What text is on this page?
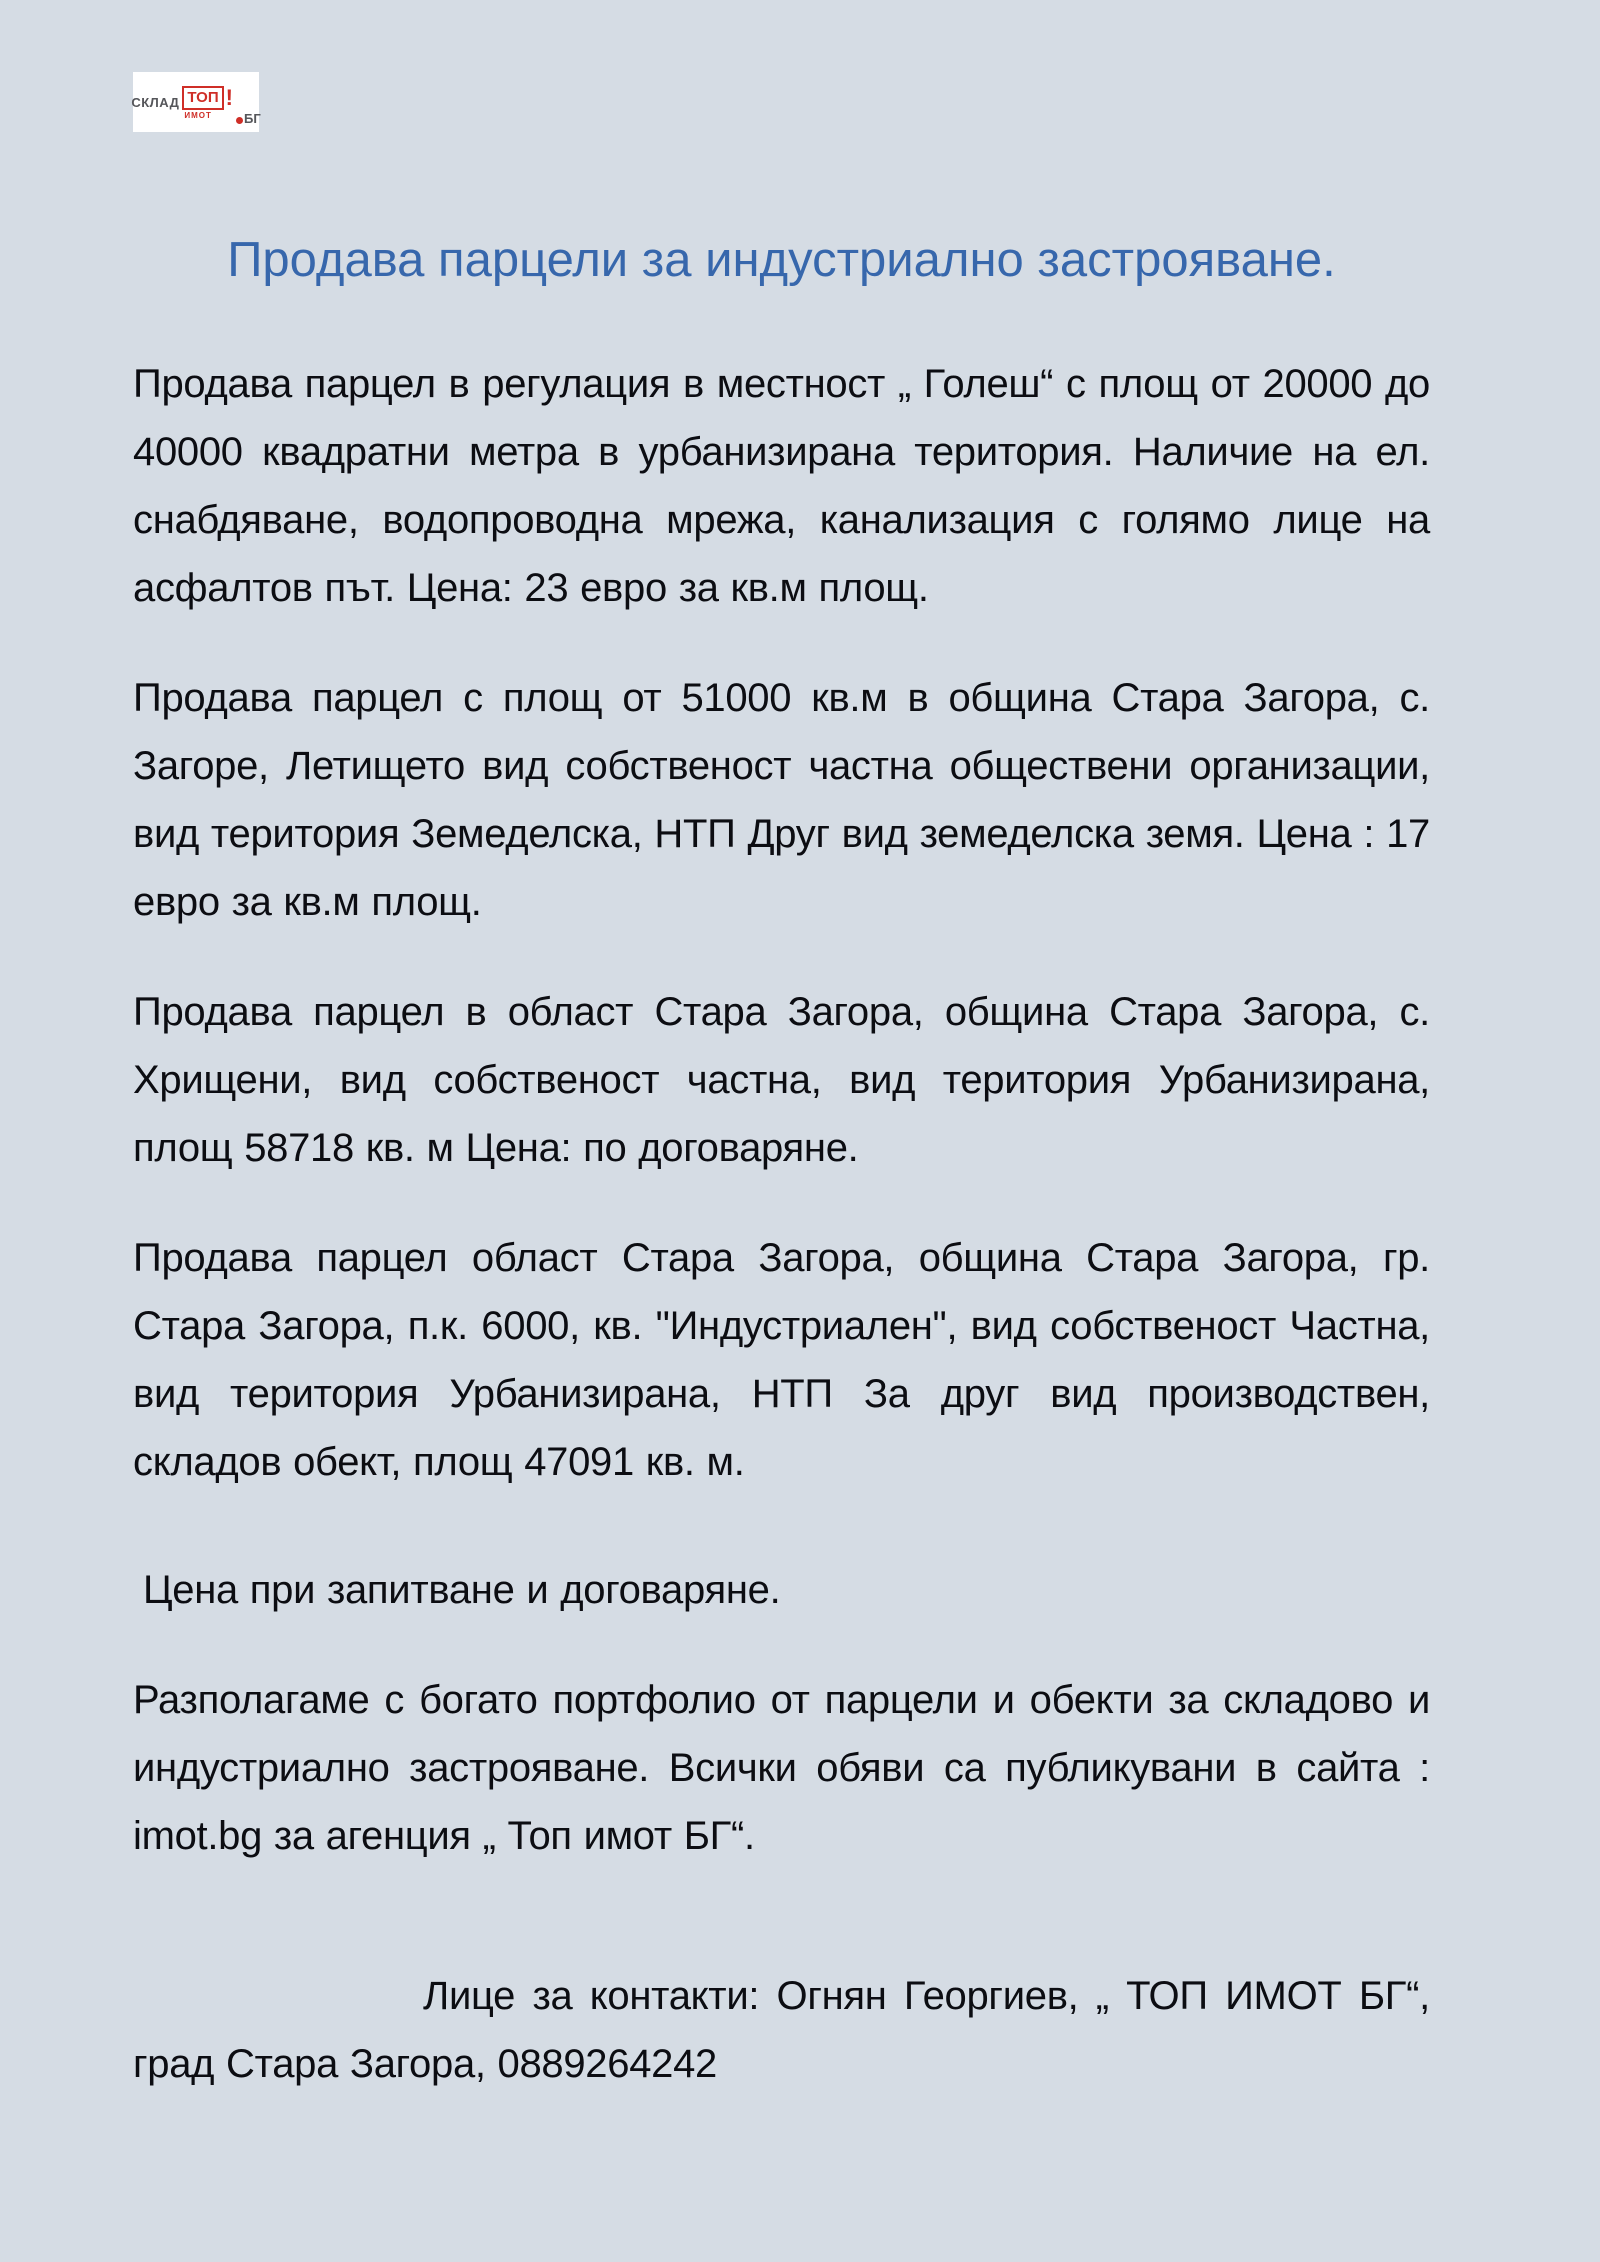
СКЛАД ТОП
ИМОТ
!
БГ
Продава парцели за индустриално застрояване.

Продава парцел в регулация в местност „ Голеш“ с площ от 20000 до 40000 квадратни метра в урбанизирана територия. Наличие на ел. снабдяване, водопроводна мрежа, канализация с голямо лице на асфалтов път. Цена: 23 евро за кв.м площ.

Продава парцел с площ от 51000 кв.м в община Стара Загора, с. Загоре, Летището вид собственост частна обществени организации, вид територия Земеделска, НТП Друг вид земеделска земя. Цена : 17 евро за кв.м площ.

Продава парцел в област Стара Загора, община Стара Загора, с. Хрищени, вид собственост частна, вид територия Урбанизирана, площ 58718 кв. м Цена: по договаряне.

Продава парцел област Стара Загора, община Стара Загора, гр. Стара Загора, п.к. 6000, кв. "Индустриален", вид собственост Частна, вид територия Урбанизирана, НТП За друг вид производствен, складов обект, площ 47091 кв. м.

Цена при запитване и договаряне.

Разполагаме с богато портфолио от парцели и обекти за складово и индустриално застрояване. Всички обяви са публикувани в сайта : imot.bg за агенция „ Топ имот БГ“.

Лице за контакти: Огнян Георгиев, „ ТОП ИМОТ БГ“, град Стара Загора, 0889264242
